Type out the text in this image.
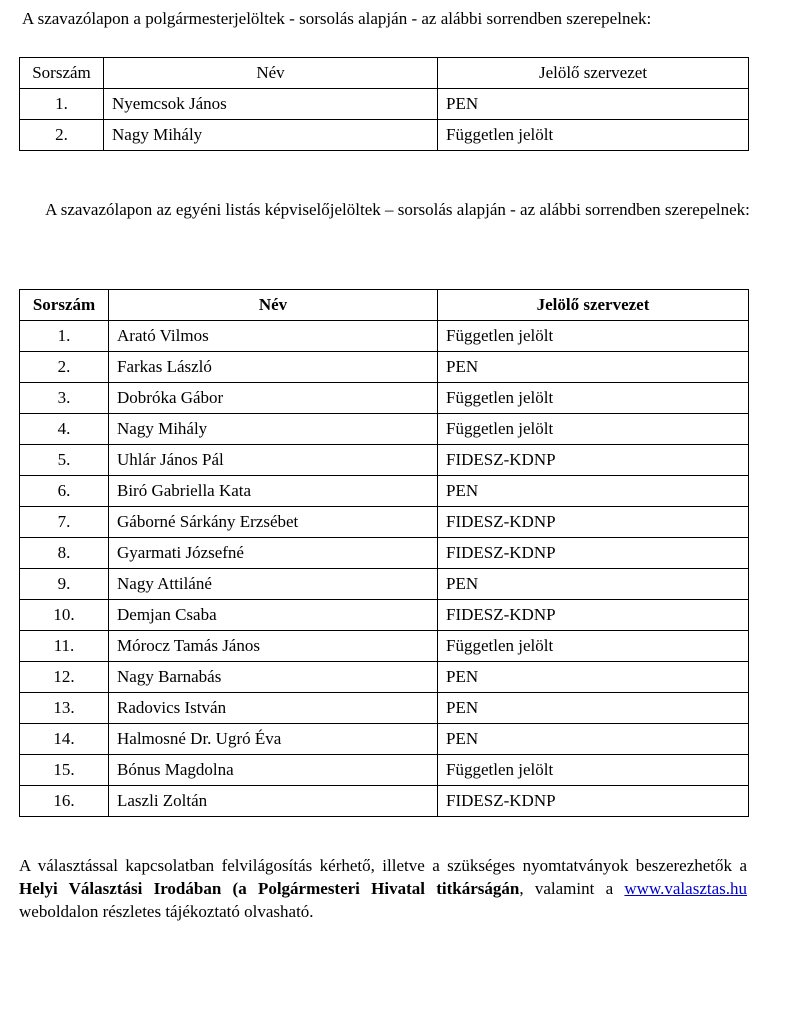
A szavazólapon a polgármesterjelöltek - sorsolás alapján - az alábbi sorrendben szerepelnek:
Sorszám	Név	Jelölő szervezet
1.	Nyemcsok János	PEN
2.	Nagy Mihály	Független jelölt
A szavazólapon az egyéni listás képviselőjelöltek – sorsolás alapján - az alábbi sorrendben szerepelnek:
Sorszám	Név	Jelölő szervezet
1.	Arató Vilmos	Független jelölt
2.	Farkas László	PEN
3.	Dobróka Gábor	Független jelölt
4.	Nagy Mihály	Független jelölt
5.	Uhlár János Pál	FIDESZ-KDNP
6.	Biró Gabriella Kata	PEN
7.	Gáborné Sárkány Erzsébet	FIDESZ-KDNP
8.	Gyarmati Józsefné	FIDESZ-KDNP
9.	Nagy Attiláné	PEN
10.	Demjan Csaba	FIDESZ-KDNP
11.	Mórocz Tamás János	Független jelölt
12.	Nagy Barnabás	PEN
13.	Radovics István	PEN
14.	Halmosné Dr. Ugró Éva	PEN
15.	Bónus Magdolna	Független jelölt
16.	Laszli Zoltán	FIDESZ-KDNP
A választással kapcsolatban felvilágosítás kérhető, illetve a szükséges nyomtatványok beszerezhetők a Helyi Választási Irodában (a Polgármesteri Hivatal titkárságán, valamint a www.valasztas.hu weboldalon részletes tájékoztató olvasható.
